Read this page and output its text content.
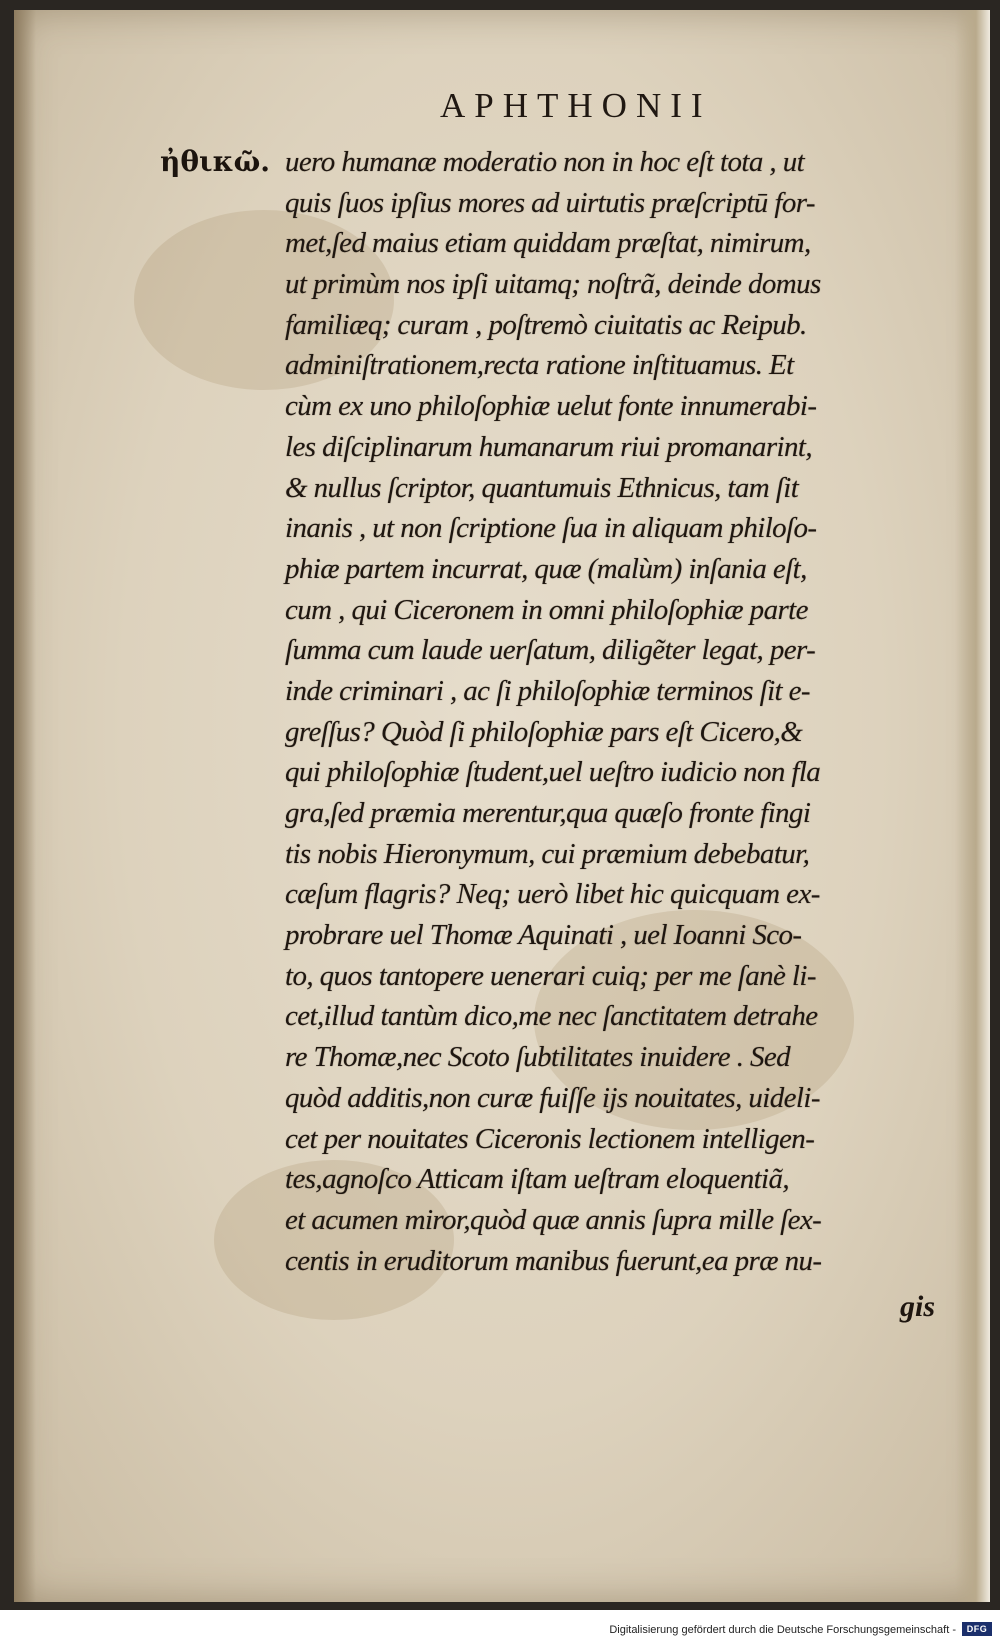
APHTHONII
ἠθικῶ. uero humanæ moderatio non in hoc eſt tota , ut
quis ſuos ipſius mores ad uirtutis præſcriptū for-
met,ſed maius etiam quiddam præſtat, nimirum,
ut primùm nos ipſi uitamq; noſtrã, deinde domus
familiæq; curam , poſtremò ciuitatis ac Reipub.
adminiſtrationem,recta ratione inſtituamus. Et
cùm ex uno philoſophiæ uelut fonte innumerabi-
les diſciplinarum humanarum riui promanarint,
& nullus ſcriptor, quantumuis Ethnicus, tam ſit
inanis , ut non ſcriptione ſua in aliquam philoſo-
phiæ partem incurrat, quæ (malùm) inſania eſt,
cum , qui Ciceronem in omni philoſophiæ parte
ſumma cum laude uerſatum, diligẽter legat, per-
inde criminari , ac ſi philoſophiæ terminos ſit e-
greſſus? Quòd ſi philoſophiæ pars eſt Cicero,&
qui philoſophiæ ſtudent,uel ueſtro iudicio non fla
gra,ſed præmia merentur,qua quæſo fronte fingi
tis nobis Hieronymum, cui præmium debebatur,
cæſum flagris? Neq; uerò libet hic quicquam ex-
probrare uel Thomæ Aquinati , uel Ioanni Sco-
to, quos tantopere uenerari cuiq; per me ſanè li-
cet,illud tantùm dico,me nec ſanctitatem detrahe
re Thomæ,nec Scoto ſubtilitates inuidere . Sed
quòd additis,non curæ fuiſſe ijs nouitates, uideli-
cet per nouitates Ciceronis lectionem intelligen-
tes,agnoſco Atticam iſtam ueſtram eloquentiã,
et acumen miror,quòd quæ annis ſupra mille ſex-
centis in eruditorum manibus fuerunt,ea præ nu-
gis
Digitalisierung gefördert durch die Deutsche Forschungsgemeinschaft -	DFG
